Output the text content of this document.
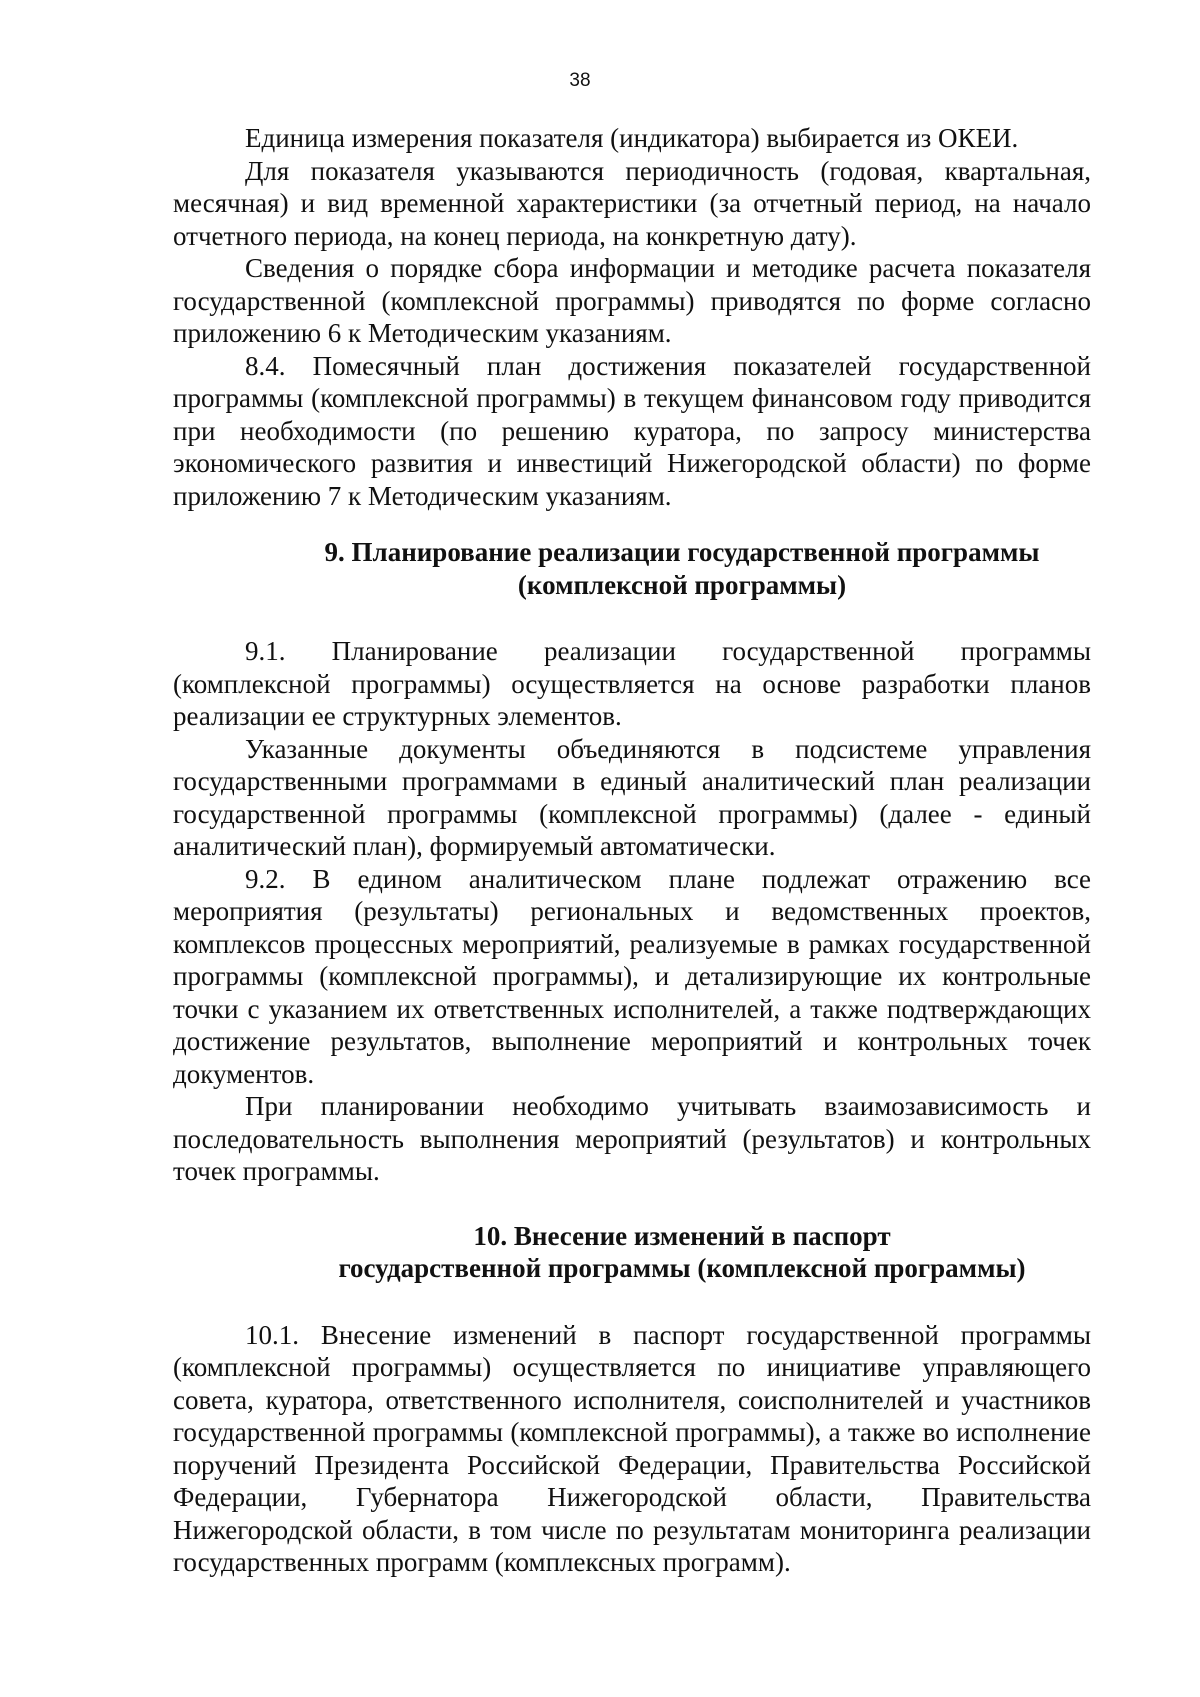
38

Единица измерения показателя (индикатора) выбирается из ОКЕИ.

Для показателя указываются периодичность (годовая, квартальная, месячная) и вид временной характеристики (за отчетный период, на начало отчетного периода, на конец периода, на конкретную дату).

Сведения о порядке сбора информации и методике расчета показателя государственной (комплексной программы) приводятся по форме согласно приложению 6 к Методическим указаниям.

8.4. Помесячный план достижения показателей государственной программы (комплексной программы) в текущем финансовом году приводится при необходимости (по решению куратора, по запросу министерства экономического развития и инвестиций Нижегородской области) по форме приложению 7 к Методическим указаниям.

9. Планирование реализации государственной программы
(комплексной программы)

9.1. Планирование реализации государственной программы (комплексной программы) осуществляется на основе разработки планов реализации ее структурных элементов.

Указанные документы объединяются в подсистеме управления государственными программами в единый аналитический план реализации государственной программы (комплексной программы) (далее - единый аналитический план), формируемый автоматически.

9.2. В едином аналитическом плане подлежат отражению все мероприятия (результаты) региональных и ведомственных проектов, комплексов процессных мероприятий, реализуемые в рамках государственной программы (комплексной программы), и детализирующие их контрольные точки с указанием их ответственных исполнителей, а также подтверждающих достижение результатов, выполнение мероприятий и контрольных точек документов.

При планировании необходимо учитывать взаимозависимость и последовательность выполнения мероприятий (результатов) и контрольных точек программы.

10. Внесение изменений в паспорт
государственной программы (комплексной программы)

10.1. Внесение изменений в паспорт государственной программы (комплексной программы) осуществляется по инициативе управляющего совета, куратора, ответственного исполнителя, соисполнителей и участников государственной программы (комплексной программы), а также во исполнение поручений Президента Российской Федерации, Правительства Российской Федерации, Губернатора Нижегородской области, Правительства Нижегородской области, в том числе по результатам мониторинга реализации государственных программ (комплексных программ).
